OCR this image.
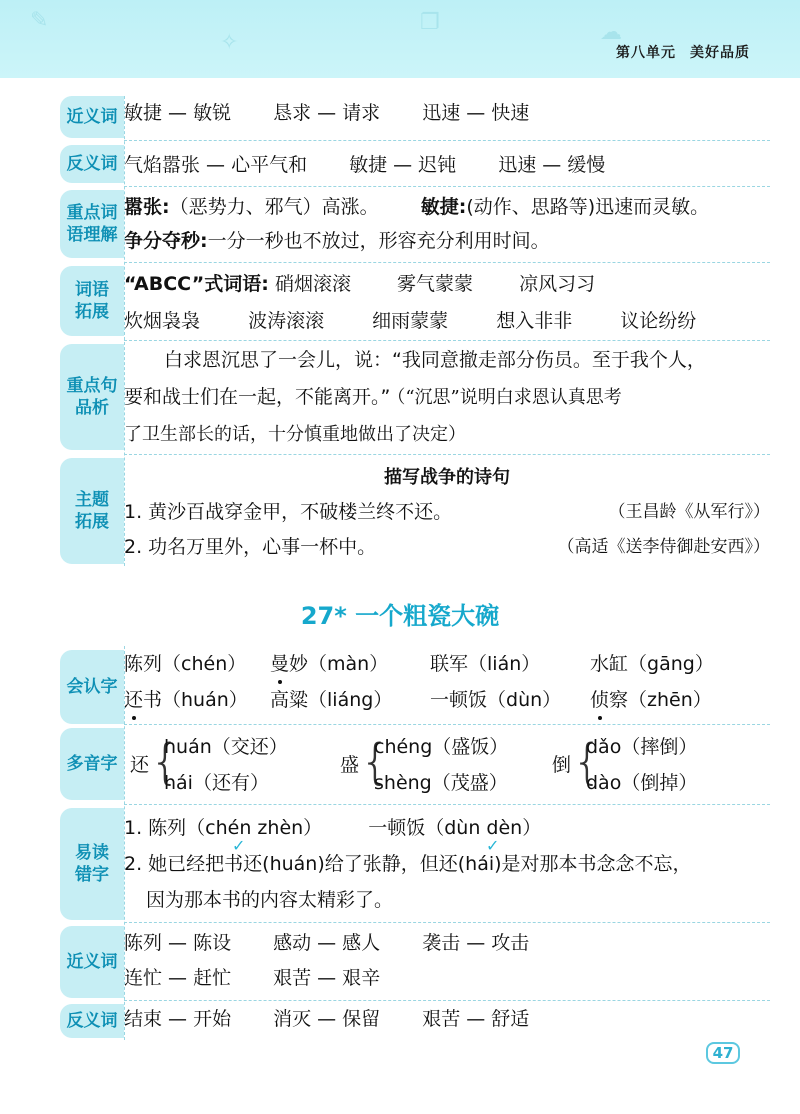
✎
✧
❐	☁
第八单元 美好品质
近义词 敏捷 — 敏锐 恳求 — 请求 迅速 — 快速
反义词 气焰嚣张 — 心平气和 敏捷 — 迟钝 迅速 — 缓慢
重点词
语理解
嚣张:（恶势力、邪气）高涨。 敏捷:(动作、思路等)迅速而灵敏。
争分夺秒:一分一秒也不放过，形容充分利用时间。
词语
拓展
“ABCC”式词语: 硝烟滚滚 雾气蒙蒙 凉风习习
炊烟袅袅	波涛滚滚	细雨蒙蒙	想入非非	议论纷纷
重点句
品析
白求恩沉思了一会儿，说：“我同意撤走部分伤员。至于我个人，
要和战士们在一起，不能离开。” （“沉思”说明白求恩认真思考
了卫生部长的话，十分慎重地做出了决定）
主题
拓展
描写战争的诗句
1. 黄沙百战穿金甲，不破楼兰终不还。	（王昌龄《从军行》）
2. 功名万里外，心事一杯中。	（高适《送李侍御赴安西》）
27* 一个粗瓷大碗
会认字
陈列（chén）	曼妙（màn）	联军（lián）	水缸（gāng）
还书（huán）	高粱（liáng）	一顿饭（dùn）	侦察（zhēn）
多音字 还 {
huán（交还）
hái（还有）
盛 {
chéng（盛饭）
shèng（茂盛）
倒 {
dǎo（摔倒）
dào（倒掉）
易读
错字
1. 陈列（chén zhèn） 一顿饭（dùn dèn）
2. 她已经把书还(huán)给了张静，但还(hái)是对那本书念念不忘，
因为那本书的内容太精彩了。
✓	✓
近义词
陈列 — 陈设 感动 — 感人 袭击 — 攻击
连忙 — 赶忙 艰苦 — 艰辛
反义词 结束 — 开始 消灭 — 保留 艰苦 — 舒适
47
